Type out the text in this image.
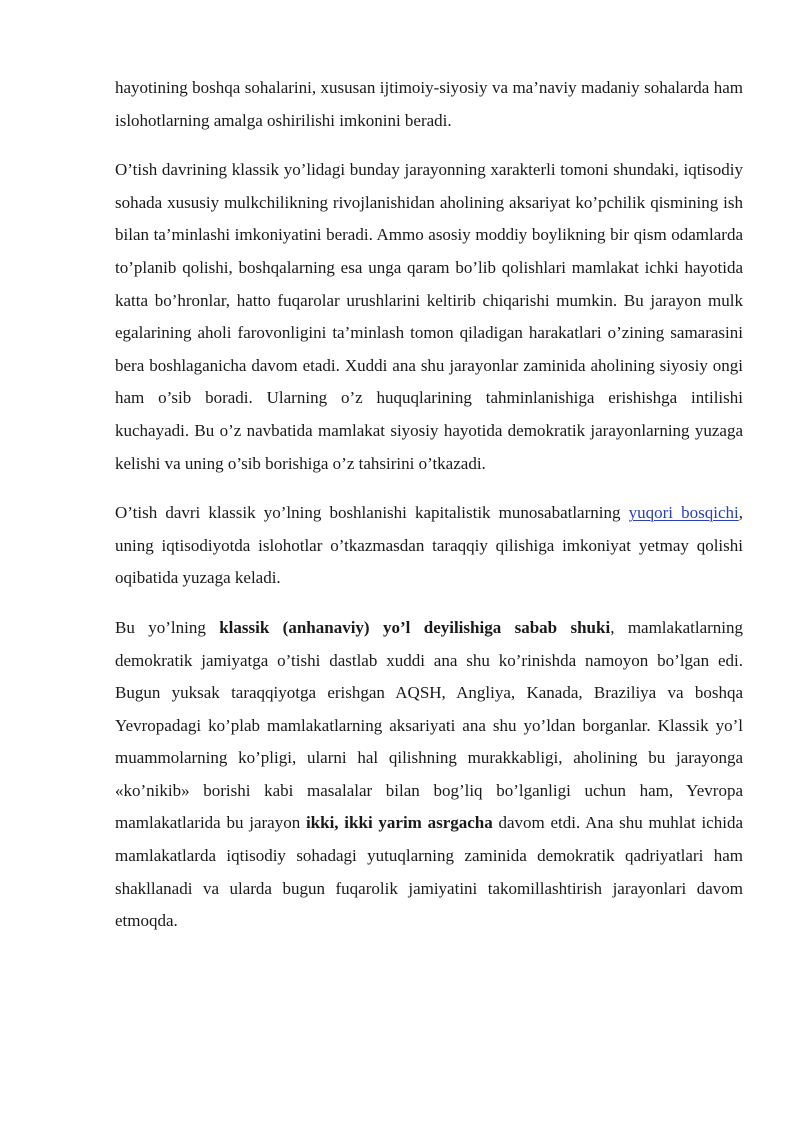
hayotining boshqa sohalarini, xususan ijtimoiy-siyosiy va ma’naviy madaniy sohalarda ham islohotlarning amalga oshirilishi imkonini beradi.

O’tish davrining klassik yo’lidagi bunday jarayonning xarakterli tomoni shundaki, iqtisodiy sohada xususiy mulkchilikning rivojlanishidan aholining aksariyat ko’pchilik qismining ish bilan ta’minlashi imkoniyatini beradi. Ammo asosiy moddiy boylikning bir qism odamlarda to’planib qolishi, boshqalarning esa unga qaram bo’lib qolishlari mamlakat ichki hayotida katta bo’hronlar, hatto fuqarolar urushlarini keltirib chiqarishi mumkin. Bu jarayon mulk egalarining aholi farovonligini ta’minlash tomon qiladigan harakatlari o’zining samarasini bera boshlaganicha davom etadi. Xuddi ana shu jarayonlar zaminida aholining siyosiy ongi ham o’sib boradi. Ularning o’z huquqlarining tahminlanishiga erishishga intilishi kuchayadi. Bu o’z navbatida mamlakat siyosiy hayotida demokratik jarayonlarning yuzaga kelishi va uning o’sib borishiga o’z tahsirini o’tkazadi.

O’tish davri klassik yo’lning boshlanishi kapitalistik munosabatlarning yuqori bosqichi, uning iqtisodiyotda islohotlar o’tkazmasdan taraqqiy qilishiga imkoniyat yetmay qolishi oqibatida yuzaga keladi.

Bu yo’lning klassik (anhanaviy) yo’l deyilishiga sabab shuki, mamlakatlarning demokratik jamiyatga o’tishi dastlab xuddi ana shu ko’rinishda namoyon bo’lgan edi. Bugun yuksak taraqqiyotga erishgan AQSH, Angliya, Kanada, Braziliya va boshqa Yevropadagi ko’plab mamlakatlarning aksariyati ana shu yo’ldan borganlar. Klassik yo’l muammolarning ko’pligi, ularni hal qilishning murakkabligi, aholining bu jarayonga «ko’nikib» borishi kabi masalalar bilan bog’liq bo’lganligi uchun ham, Yevropa mamlakatlarida bu jarayon ikki, ikki yarim asrgacha davom etdi. Ana shu muhlat ichida mamlakatlarda iqtisodiy sohadagi yutuqlarning zaminida demokratik qadriyatlari ham shakllanadi va ularda bugun fuqarolik jamiyatini takomillashtirish jarayonlari davom etmoqda.
